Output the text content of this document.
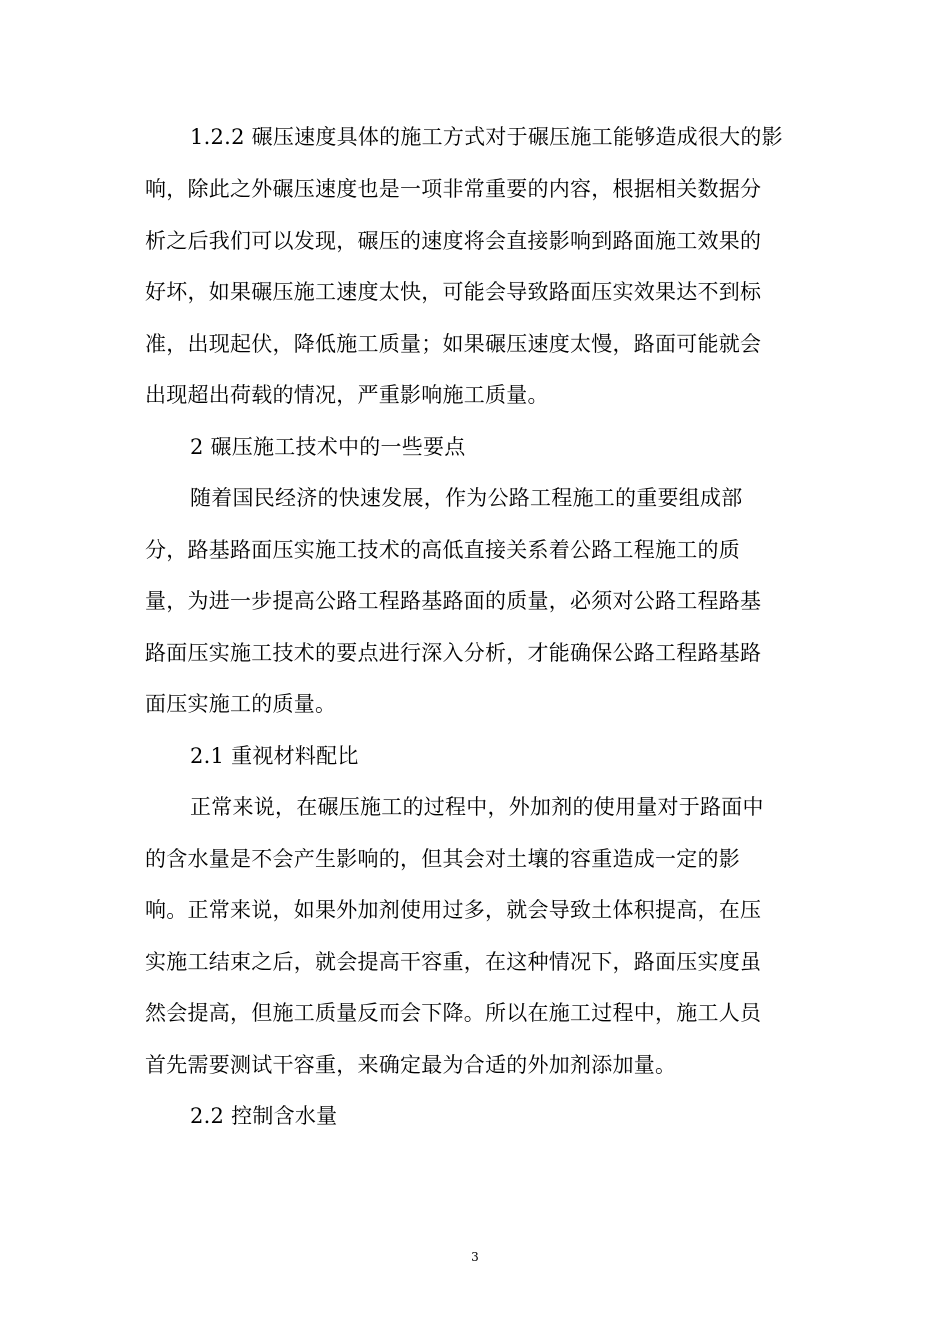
1.2.2 碾压速度具体的施工方式对于碾压施工能够造成很大的影
响，除此之外碾压速度也是一项非常重要的内容，根据相关数据分
析之后我们可以发现，碾压的速度将会直接影响到路面施工效果的
好坏，如果碾压施工速度太快，可能会导致路面压实效果达不到标
准，出现起伏，降低施工质量；如果碾压速度太慢，路面可能就会
出现超出荷载的情况，严重影响施工质量。
2 碾压施工技术中的一些要点
随着国民经济的快速发展，作为公路工程施工的重要组成部
分，路基路面压实施工技术的高低直接关系着公路工程施工的质
量，为进一步提高公路工程路基路面的质量，必须对公路工程路基
路面压实施工技术的要点进行深入分析，才能确保公路工程路基路
面压实施工的质量。
2.1 重视材料配比
正常来说，在碾压施工的过程中，外加剂的使用量对于路面中
的含水量是不会产生影响的，但其会对土壤的容重造成一定的影
响。正常来说，如果外加剂使用过多，就会导致土体积提高，在压
实施工结束之后，就会提高干容重，在这种情况下，路面压实度虽
然会提高，但施工质量反而会下降。所以在施工过程中，施工人员
首先需要测试干容重，来确定最为合适的外加剂添加量。
2.2 控制含水量
3
